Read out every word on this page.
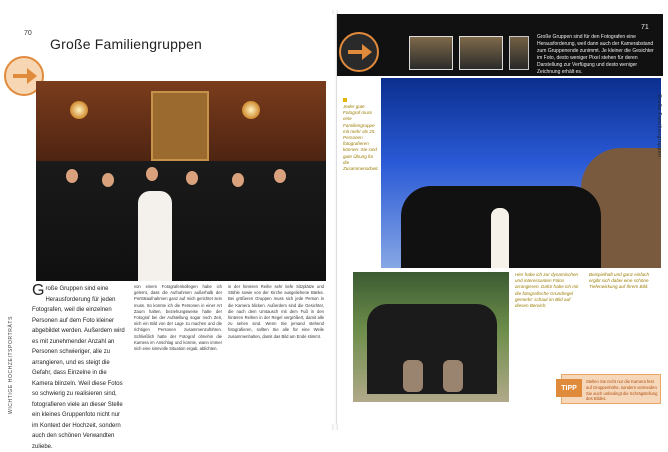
70
Große Familiengruppen
G roße Gruppen sind eine Herausforderung für jeden Fotografen, weil die einzelnen Personen auf dem Foto kleiner abgebildet werden. Außerdem wird es mit zunehmender Anzahl an Personen schwieriger, alle zu arrangieren, und es steigt die Gefahr, dass Einzelne in die Kamera blinzeln. Weil diese Fotos so schwierig zu realisieren sind, fotografieren viele an dieser Stelle ein kleines Gruppenfoto nicht nur im Kontext der Hochzeit, sondern auch den schönen Verwandten zuliebe.
von einem Fotografenkollegen habe ich gelernt, dass die Aufnahmen außerhalb der Porträtaufnahmen ganz auf mich gerichtet sein muss. So konnte ich die Personen in einer Art Zaum halten, beziehungsweise hatte der Fotograf bei der Aufstellung sogar noch Zeit, sich ein Bild von der Lage zu machen und die richtigen Personen zusammenzuführen. Schließlich hatte der Fotograf ohnehin die Kamera im Anschlag und konnte, wann immer sich eine sinnvolle Situation ergab, ablichten.
in der hinteren Reihe sehr tiefe Sitzplätze und Stühle sowie von der Kirche ausgeliehene Bänke. Bei größeren Gruppen muss sich jede Person in die Kamera blicken. Außerdem sind die Gesichter, die nach dem Umtausch mit dem Fuß in den hinteren Reihen in der Regel vergrößert, damit alle zu sehen sind. Wenn Sie jemand stehend fotografieren, sollten Sie alle für eine Weile zusammenhalten, damit das Bild am Ende stimmt.
WICHTIGE HOCHZEITSPORTRÄTS
Große Gruppen sind für den Fotografen eine Herausforderung, weil dann auch der Kamerabstand zum Gruppenende zunimmt. Je kleiner die Gesichter im Foto, desto weniger Pixel stehen für deren Darstellung zur Verfügung und desto weniger Zeichnung erhält es.
71
Jeder gute Fotograf muss eine Familiengruppe mit mehr als 25 Personen fotografieren können. Sie sind gute Übung für die Zusammenarbeit.
Hier habe ich zur dynamischen und interessanten Fotos arrangieren. Dafür habe ich mir die fotografische Grundregel gemerkt: schaut im Bild auf diesen Bereich.
Beispielhaft und ganz einfach ergibt sich dabei eine schöne Tiefenwirkung auf Ihrem Bild.
TIPP
Stellen Sie nicht nur die Kamera fest auf Gruppenhöhe, sondern vermeiden Sie auch unbedingt die Schrägstellung des Bildes.
Große Familiengruppen
